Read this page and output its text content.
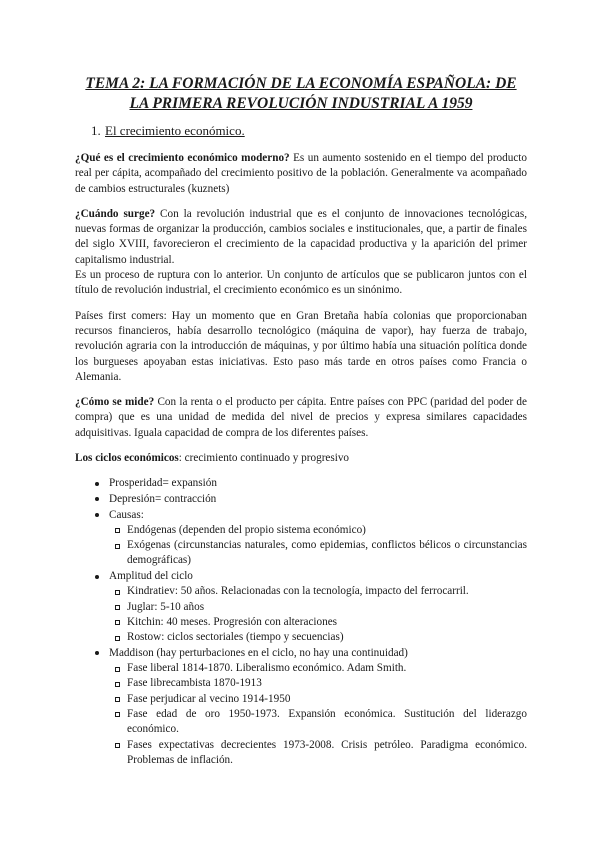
TEMA 2: LA FORMACIÓN DE LA ECONOMÍA ESPAÑOLA: DE
LA PRIMERA REVOLUCIÓN INDUSTRIAL A 1959
1. El crecimiento económico.

¿Qué es el crecimiento económico moderno? Es un aumento sostenido en el tiempo del producto real per cápita, acompañado del crecimiento positivo de la población. Generalmente va acompañado de cambios estructurales (kuznets)

¿Cuándo surge? Con la revolución industrial que es el conjunto de innovaciones tecnológicas, nuevas formas de organizar la producción, cambios sociales e institucionales, que, a partir de finales del siglo XVIII, favorecieron el crecimiento de la capacidad productiva y la aparición del primer capitalismo industrial.

Es un proceso de ruptura con lo anterior. Un conjunto de artículos que se publicaron juntos con el título de revolución industrial, el crecimiento económico es un sinónimo.

Países first comers: Hay un momento que en Gran Bretaña había colonias que proporcionaban recursos financieros, había desarrollo tecnológico (máquina de vapor), hay fuerza de trabajo, revolución agraria con la introducción de máquinas, y por último había una situación política donde los burgueses apoyaban estas iniciativas. Esto paso más tarde en otros países como Francia o Alemania.

¿Cómo se mide? Con la renta o el producto per cápita. Entre países con PPC (paridad del poder de compra) que es una unidad de medida del nivel de precios y expresa similares capacidades adquisitivas. Iguala capacidad de compra de los diferentes países.

Los ciclos económicos: crecimiento continuado y progresivo

Prosperidad= expansión
Depresión= contracción
Causas:
Endógenas (dependen del propio sistema económico)
Exógenas (circunstancias naturales, como epidemias, conflictos bélicos o circunstancias demográficas)
Amplitud del ciclo
Kindratiev: 50 años. Relacionadas con la tecnología, impacto del ferrocarril.
Juglar: 5-10 años
Kitchin: 40 meses. Progresión con alteraciones
Rostow: ciclos sectoriales (tiempo y secuencias)
Maddison (hay perturbaciones en el ciclo, no hay una continuidad)
Fase liberal 1814-1870. Liberalismo económico. Adam Smith.
Fase librecambista 1870-1913
Fase perjudicar al vecino 1914-1950
Fase edad de oro 1950-1973. Expansión económica. Sustitución del liderazgo económico.
Fases expectativas decrecientes 1973-2008. Crisis petróleo. Paradigma económico. Problemas de inflación.
